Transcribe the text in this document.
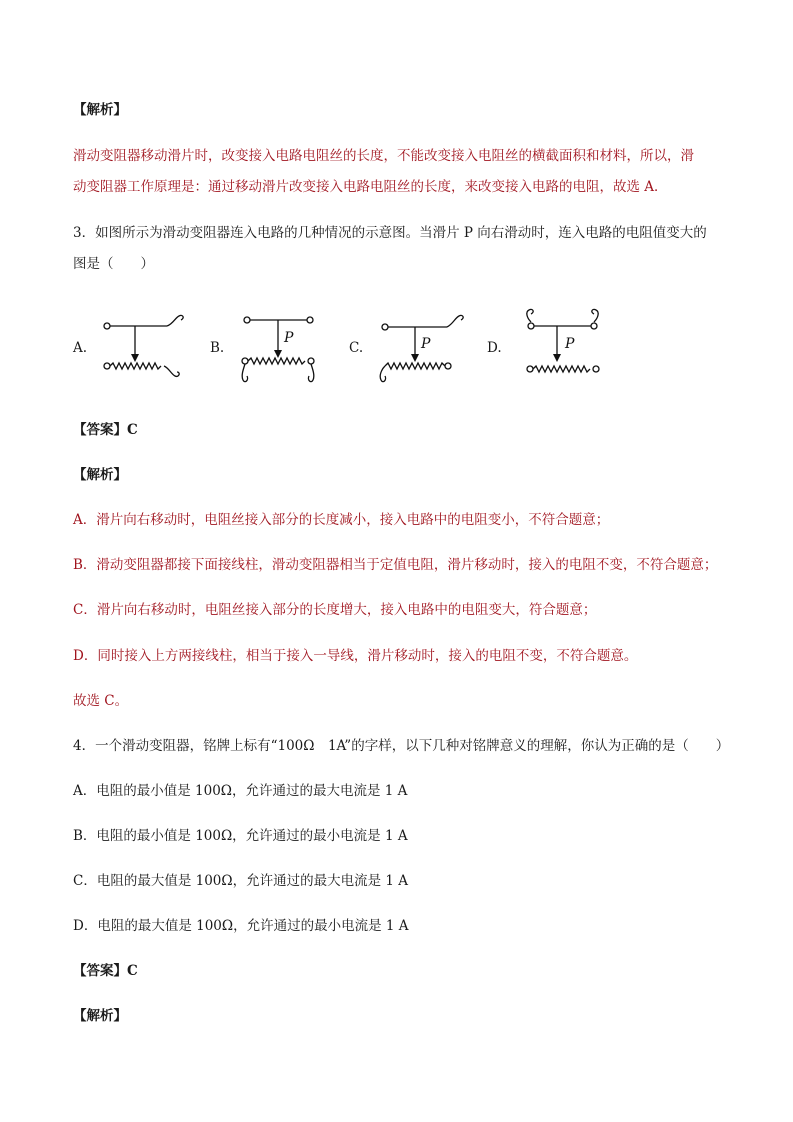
【解析】
滑动变阻器移动滑片时，改变接入电路电阻丝的长度，不能改变接入电阻丝的横截面积和材料，所以，滑
动变阻器工作原理是：通过移动滑片改变接入电路电阻丝的长度，来改变接入电路的电阻，故选 A．
3．如图所示为滑动变阻器连入电路的几种情况的示意图。当滑片 P 向右滑动时，连入电路的电阻值变大的
图是（　　）
A.	B.
P
C.	P	D.	P
【答案】C
【解析】
A．滑片向右移动时，电阻丝接入部分的长度减小，接入电路中的电阻变小，不符合题意；
B．滑动变阻器都接下面接线柱，滑动变阻器相当于定值电阻，滑片移动时，接入的电阻不变，不符合题意；
C．滑片向右移动时，电阻丝接入部分的长度增大，接入电路中的电阻变大，符合题意；
D．同时接入上方两接线柱，相当于接入一导线，滑片移动时，接入的电阻不变，不符合题意。
故选 C。
4．一个滑动变阻器，铭牌上标有“100Ω　1A”的字样，以下几种对铭牌意义的理解，你认为正确的是（　　）
A．电阻的最小值是 100Ω，允许通过的最大电流是 1 A
B．电阻的最小值是 100Ω，允许通过的最小电流是 1 A
C．电阻的最大值是 100Ω，允许通过的最大电流是 1 A
D．电阻的最大值是 100Ω，允许通过的最小电流是 1 A
【答案】C
【解析】
